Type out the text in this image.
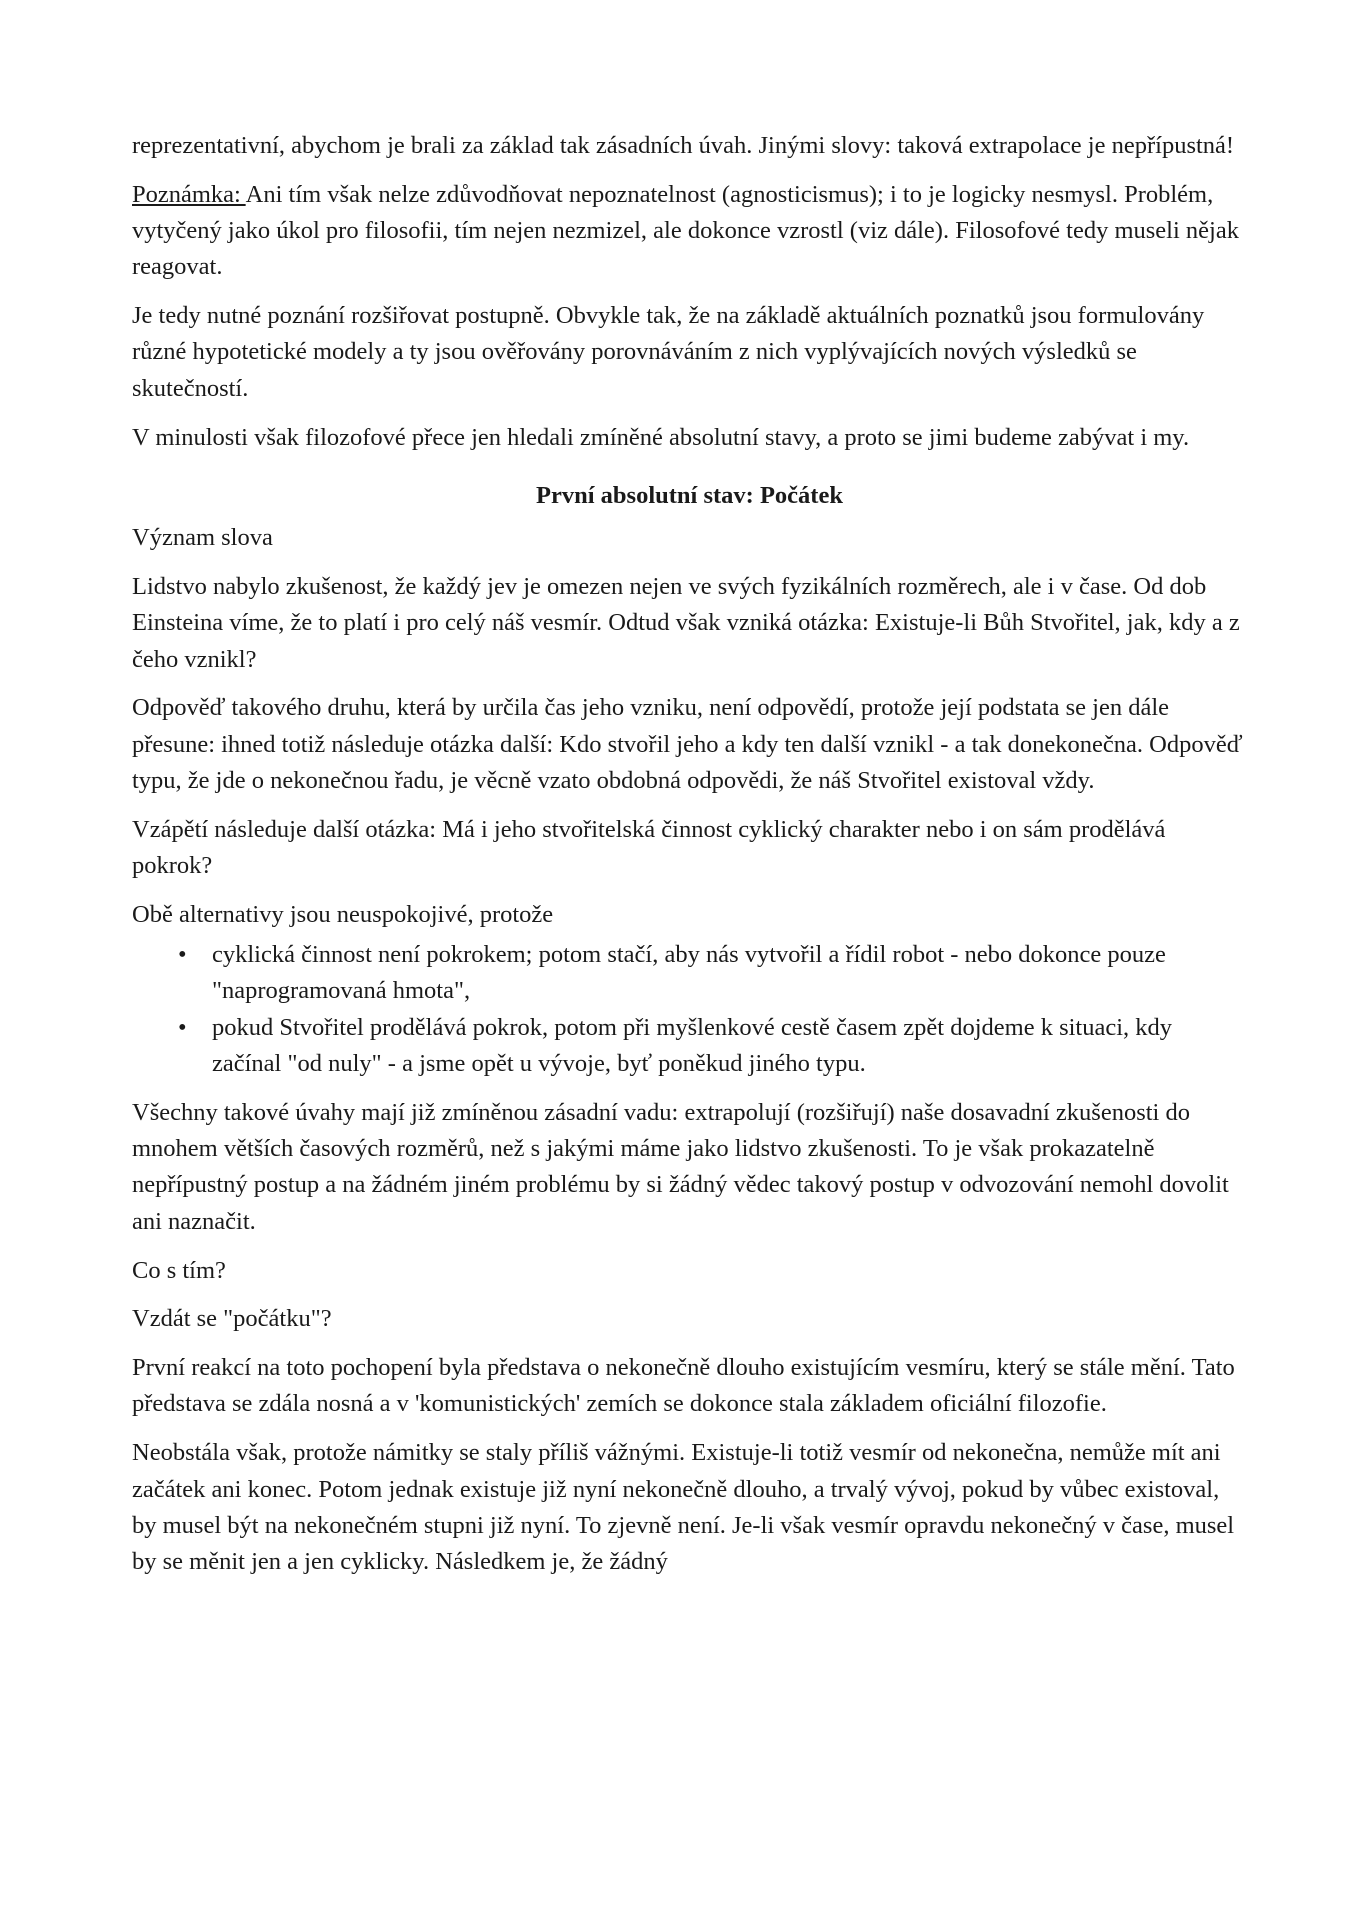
reprezentativní, abychom je brali za základ tak zásadních úvah. Jinými slovy: taková extrapolace je nepřípustná!

Poznámka: Ani tím však nelze zdůvodňovat nepoznatelnost (agnosticismus); i to je logicky nesmysl. Problém, vytyčený jako úkol pro filosofii, tím nejen nezmizel, ale dokonce vzrostl (viz dále). Filosofové tedy museli nějak reagovat.

Je tedy nutné poznání rozšiřovat postupně. Obvykle tak, že na základě aktuálních poznatků jsou formulovány různé hypotetické modely a ty jsou ověřovány porovnáváním z nich vyplývajících nových výsledků se skutečností.

V minulosti však filozofové přece jen hledali zmíněné absolutní stavy, a proto se jimi budeme zabývat i my.

První absolutní stav: Počátek

Význam slova

Lidstvo nabylo zkušenost, že každý jev je omezen nejen ve svých fyzikálních rozměrech, ale i v čase. Od dob Einsteina víme, že to platí i pro celý náš vesmír. Odtud však vzniká otázka: Existuje-li Bůh Stvořitel, jak, kdy a z čeho vznikl?

Odpověď takového druhu, která by určila čas jeho vzniku, není odpovědí, protože její podstata se jen dále přesune: ihned totiž následuje otázka další: Kdo stvořil jeho a kdy ten další vznikl - a tak donekonečna. Odpověď typu, že jde o nekonečnou řadu, je věcně vzato obdobná odpovědi, že náš Stvořitel existoval vždy.

Vzápětí následuje další otázka: Má i jeho stvořitelská činnost cyklický charakter nebo i on sám prodělává pokrok?

Obě alternativy jsou neuspokojivé, protože

• cyklická činnost není pokrokem; potom stačí, aby nás vytvořil a řídil robot - nebo dokonce pouze "naprogramovaná hmota",
• pokud Stvořitel prodělává pokrok, potom při myšlenkové cestě časem zpět dojdeme k situaci, kdy začínal "od nuly" - a jsme opět u vývoje, byť poněkud jiného typu.

Všechny takové úvahy mají již zmíněnou zásadní vadu: extrapolují (rozšiřují) naše dosavadní zkušenosti do mnohem větších časových rozměrů, než s jakými máme jako lidstvo zkušenosti. To je však prokazatelně nepřípustný postup a na žádném jiném problému by si žádný vědec takový postup v odvozování nemohl dovolit ani naznačit.

Co s tím?

Vzdát se "počátku"?

První reakcí na toto pochopení byla představa o nekonečně dlouho existujícím vesmíru, který se stále mění. Tato představa se zdála nosná a v 'komunistických' zemích se dokonce stala základem oficiální filozofie.

Neobstála však, protože námitky se staly příliš vážnými. Existuje-li totiž vesmír od nekonečna, nemůže mít ani začátek ani konec. Potom jednak existuje již nyní nekonečně dlouho, a trvalý vývoj, pokud by vůbec existoval, by musel být na nekonečném stupni již nyní. To zjevně není. Je-li však vesmír opravdu nekonečný v čase, musel by se měnit jen a jen cyklicky. Následkem je, že žádný
